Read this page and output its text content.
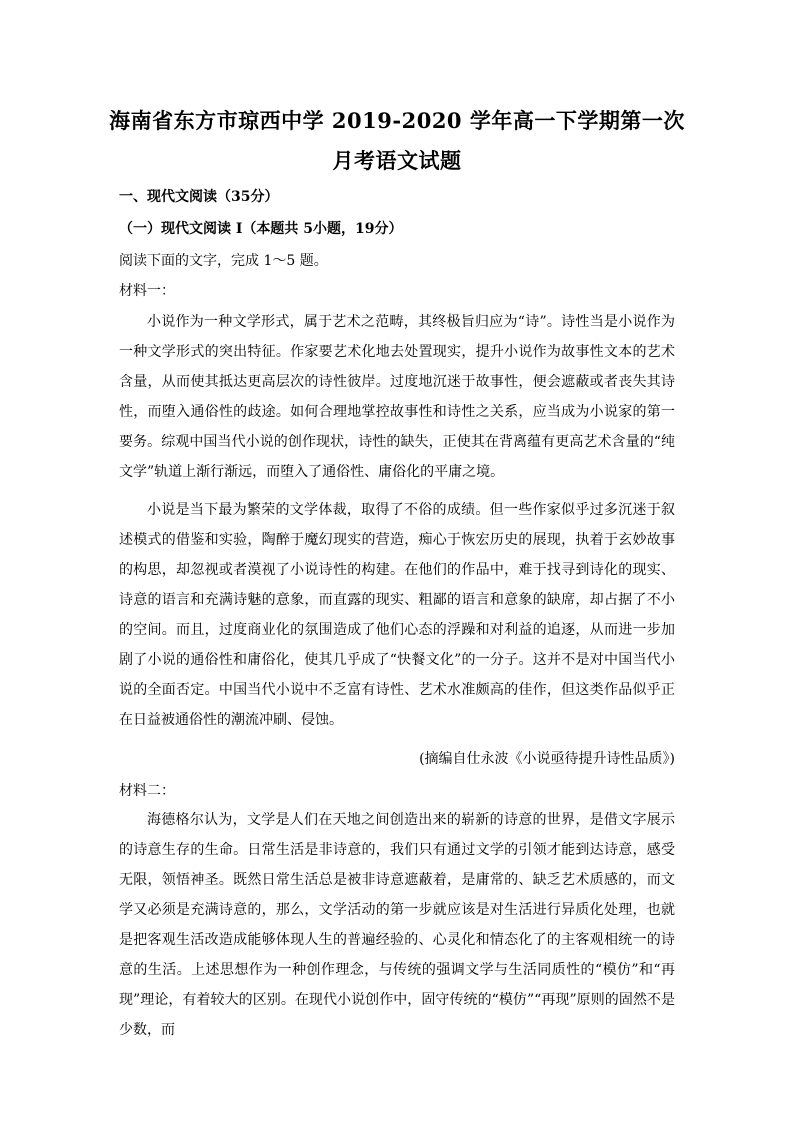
海南省东方市琼西中学 2019-2020 学年高一下学期第一次
月考语文试题
一、现代文阅读（35分）
（一）现代文阅读 I（本题共 5小题，19分）
阅读下面的文字，完成 1～5 题。
材料一：
小说作为一种文学形式，属于艺术之范畴，其终极旨归应为“诗”。诗性当是小说作为一种文学形式的突出特征。作家要艺术化地去处置现实，提升小说作为故事性文本的艺术含量，从而使其抵达更高层次的诗性彼岸。过度地沉迷于故事性，便会遮蔽或者丧失其诗性，而堕入通俗性的歧途。如何合理地掌控故事性和诗性之关系，应当成为小说家的第一要务。综观中国当代小说的创作现状，诗性的缺失，正使其在背离蕴有更高艺术含量的“纯文学”轨道上渐行渐远，而堕入了通俗性、庸俗化的平庸之境。
小说是当下最为繁荣的文学体裁，取得了不俗的成绩。但一些作家似乎过多沉迷于叙述模式的借鉴和实验，陶醉于魔幻现实的营造，痴心于恢宏历史的展现，执着于玄妙故事的构思，却忽视或者漠视了小说诗性的构建。在他们的作品中，难于找寻到诗化的现实、诗意的语言和充满诗魅的意象，而直露的现实、粗鄙的语言和意象的缺席，却占据了不小的空间。而且，过度商业化的氛围造成了他们心态的浮躁和对利益的追逐，从而进一步加剧了小说的通俗性和庸俗化，使其几乎成了“快餐文化”的一分子。这并不是对中国当代小说的全面否定。中国当代小说中不乏富有诗性、艺术水准颇高的佳作，但这类作品似乎正在日益被通俗性的潮流冲刷、侵蚀。
(摘编自仕永波《小说亟待提升诗性品质》)
材料二：
海德格尔认为，文学是人们在天地之间创造出来的崭新的诗意的世界，是借文字展示的诗意生存的生命。日常生活是非诗意的，我们只有通过文学的引领才能到达诗意，感受无限，领悟神圣。既然日常生活总是被非诗意遮蔽着，是庸常的、缺乏艺术质感的，而文学又必须是充满诗意的，那么，文学活动的第一步就应该是对生活进行异质化处理，也就是把客观生活改造成能够体现人生的普遍经验的、心灵化和情态化了的主客观相统一的诗意的生活。上述思想作为一种创作理念，与传统的强调文学与生活同质性的“模仿”和“再现”理论，有着较大的区别。在现代小说创作中，固守传统的“模仿”“再现”原则的固然不是少数，而
